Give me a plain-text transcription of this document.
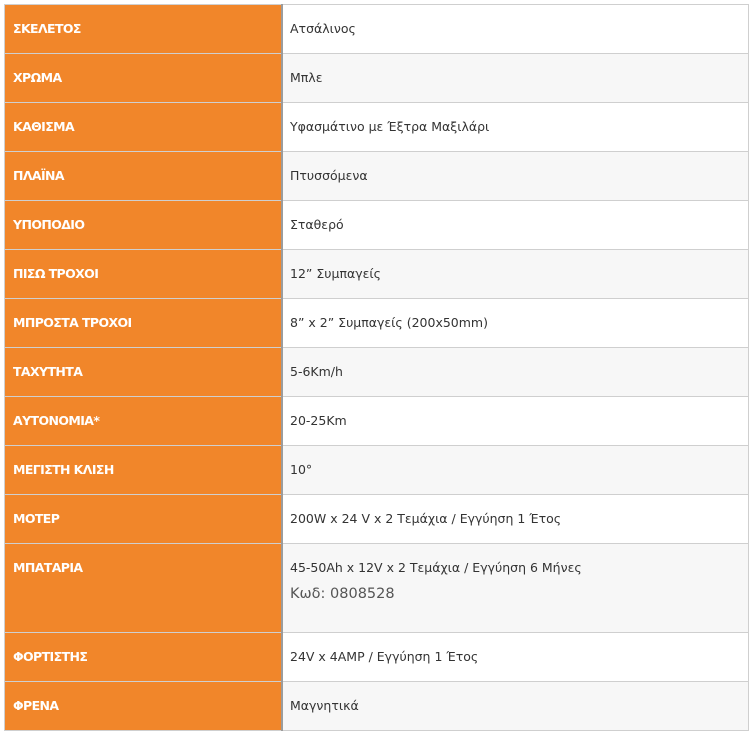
ΣΚΕΛΕΤΟΣ	Ατσάλινος

ΧΡΩΜΑ	Μπλε

ΚΑΘΙΣΜΑ	Υφασμάτινο με Έξτρα Μαξιλάρι

ΠΛΑΪΝΑ	Πτυσσόμενα

ΥΠΟΠΟΔΙΟ	Σταθερό

ΠΙΣΩ ΤΡΟΧΟΙ	12” Συμπαγείς

ΜΠΡΟΣΤΑ ΤΡΟΧΟΙ	8” x 2” Συμπαγείς (200x50mm)

ΤΑΧΥΤΗΤΑ	5-6Km/h

ΑΥΤΟΝΟΜΙΑ*	20-25Km

ΜΕΓΙΣΤΗ ΚΛΙΣΗ	10°

ΜΟΤΕΡ	200W x 24 V x 2 Τεμάχια / Εγγύηση 1 Έτος

ΜΠΑΤΑΡΙΑ	45-50Ah x 12V x 2 Τεμάχια / Εγγύηση 6 Μήνες
Κωδ: 0808528

ΦΟΡΤΙΣΤΗΣ	24V x 4AMP / Εγγύηση 1 Έτος

ΦΡΕΝΑ	Μαγνητικά
